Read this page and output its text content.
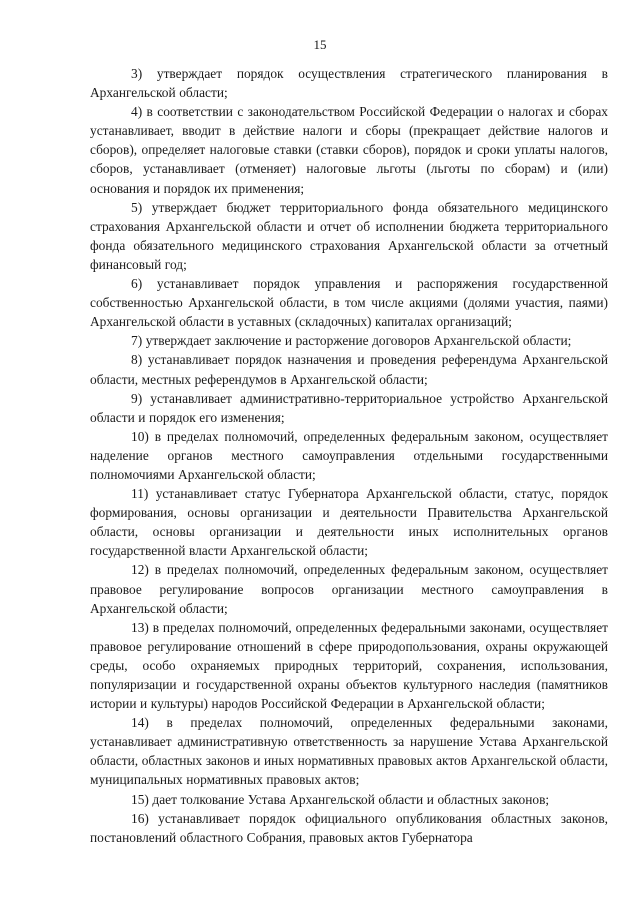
15

3) утверждает порядок осуществления стратегического планирования в Архангельской области;

4) в соответствии с законодательством Российской Федерации о налогах и сборах устанавливает, вводит в действие налоги и сборы (прекращает действие налогов и сборов), определяет налоговые ставки (ставки сборов), порядок и сроки уплаты налогов, сборов, устанавливает (отменяет) налоговые льготы (льготы по сборам) и (или) основания и порядок их применения;

5) утверждает бюджет территориального фонда обязательного медицинского страхования Архангельской области и отчет об исполнении бюджета территориального фонда обязательного медицинского страхования Архангельской области за отчетный финансовый год;

6) устанавливает порядок управления и распоряжения государственной собственностью Архангельской области, в том числе акциями (долями участия, паями) Архангельской области в уставных (складочных) капиталах организаций;

7) утверждает заключение и расторжение договоров Архангельской области;

8) устанавливает порядок назначения и проведения референдума Архангельской области, местных референдумов в Архангельской области;

9) устанавливает административно-территориальное устройство Архангельской области и порядок его изменения;

10) в пределах полномочий, определенных федеральным законом, осуществляет наделение органов местного самоуправления отдельными государственными полномочиями Архангельской области;

11) устанавливает статус Губернатора Архангельской области, статус, порядок формирования, основы организации и деятельности Правительства Архангельской области, основы организации и деятельности иных исполнительных органов государственной власти Архангельской области;

12) в пределах полномочий, определенных федеральным законом, осуществляет правовое регулирование вопросов организации местного самоуправления в Архангельской области;

13) в пределах полномочий, определенных федеральными законами, осуществляет правовое регулирование отношений в сфере природопользования, охраны окружающей среды, особо охраняемых природных территорий, сохранения, использования, популяризации и государственной охраны объектов культурного наследия (памятников истории и культуры) народов Российской Федерации в Архангельской области;

14) в пределах полномочий, определенных федеральными законами, устанавливает административную ответственность за нарушение Устава Архангельской области, областных законов и иных нормативных правовых актов Архангельской области, муниципальных нормативных правовых актов;

15) дает толкование Устава Архангельской области и областных законов;

16) устанавливает порядок официального опубликования областных законов, постановлений областного Собрания, правовых актов Губернатора
